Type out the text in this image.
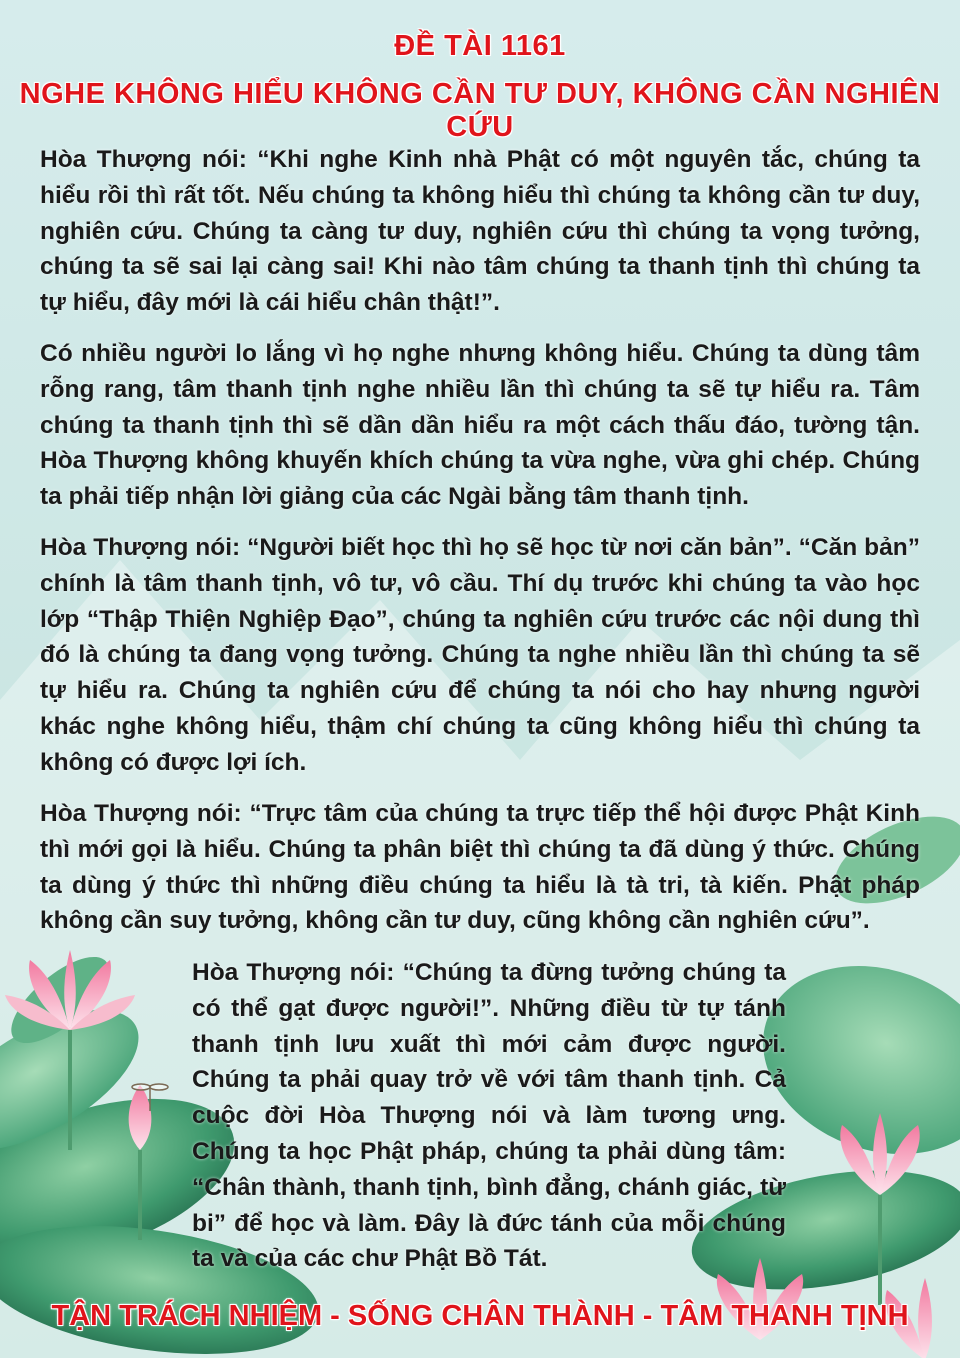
ĐỀ TÀI 1161
NGHE KHÔNG HIỂU KHÔNG CẦN TƯ DUY, KHÔNG CẦN NGHIÊN CỨU

Hòa Thượng nói: “Khi nghe Kinh nhà Phật có một nguyên tắc, chúng ta hiểu rồi thì rất tốt. Nếu chúng ta không hiểu thì chúng ta không cần tư duy, nghiên cứu. Chúng ta càng tư duy, nghiên cứu thì chúng ta vọng tưởng, chúng ta sẽ sai lại càng sai! Khi nào tâm chúng ta thanh tịnh thì chúng ta tự hiểu, đây mới là cái hiểu chân thật!”.

Có nhiều người lo lắng vì họ nghe nhưng không hiểu. Chúng ta dùng tâm rỗng rang, tâm thanh tịnh nghe nhiều lần thì chúng ta sẽ tự hiểu ra. Tâm chúng ta thanh tịnh thì sẽ dần dần hiểu ra một cách thấu đáo, tường tận. Hòa Thượng không khuyến khích chúng ta vừa nghe, vừa ghi chép. Chúng ta phải tiếp nhận lời giảng của các Ngài bằng tâm thanh tịnh.

Hòa Thượng nói: “Người biết học thì họ sẽ học từ nơi căn bản”. “Căn bản” chính là tâm thanh tịnh, vô tư, vô cầu. Thí dụ trước khi chúng ta vào học lớp “Thập Thiện Nghiệp Đạo”, chúng ta nghiên cứu trước các nội dung thì đó là chúng ta đang vọng tưởng. Chúng ta nghe nhiều lần thì chúng ta sẽ tự hiểu ra. Chúng ta nghiên cứu để chúng ta nói cho hay nhưng người khác nghe không hiểu, thậm chí chúng ta cũng không hiểu thì chúng ta không có được lợi ích.

Hòa Thượng nói: “Trực tâm của chúng ta trực tiếp thể hội được Phật Kinh thì mới gọi là hiểu. Chúng ta phân biệt thì chúng ta đã dùng ý thức. Chúng ta dùng ý thức thì những điều chúng ta hiểu là tà tri, tà kiến. Phật pháp không cần suy tưởng, không cần tư duy, cũng không cần nghiên cứu”.

Hòa Thượng nói: “Chúng ta đừng tưởng chúng ta có thể gạt được người!”. Những điều từ tự tánh thanh tịnh lưu xuất thì mới cảm được người. Chúng ta phải quay trở về với tâm thanh tịnh. Cả cuộc đời Hòa Thượng nói và làm tương ưng. Chúng ta học Phật pháp, chúng ta phải dùng tâm: “Chân thành, thanh tịnh, bình đẳng, chánh giác, từ bi” để học và làm. Đây là đức tánh của mỗi chúng ta và của các chư Phật Bồ Tát.

TẬN TRÁCH NHIỆM - SỐNG CHÂN THÀNH - TÂM THANH TỊNH
